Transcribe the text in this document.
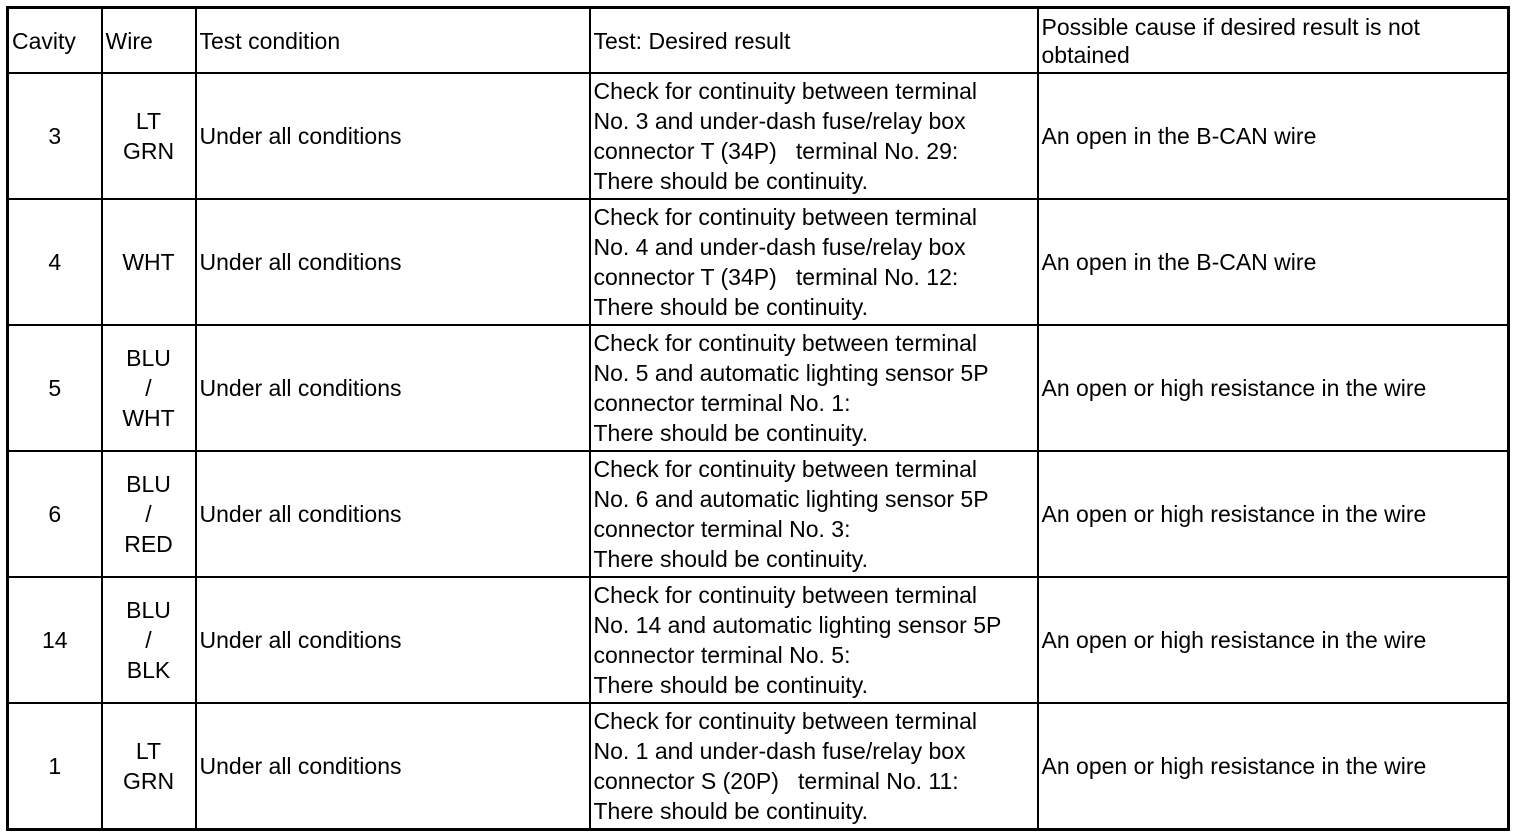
Cavity	Wire	Test condition	Test: Desired result	Possible cause if desired result is not obtained
3	LT
GRN	Under all conditions	Check for continuity between terminal
No. 3 and under-dash fuse/relay box
connector T (34P)   terminal No. 29:
There should be continuity.	An open in the B-CAN wire
4	WHT	Under all conditions	Check for continuity between terminal
No. 4 and under-dash fuse/relay box
connector T (34P)   terminal No. 12:
There should be continuity.	An open in the B-CAN wire
5	BLU
/
WHT	Under all conditions	Check for continuity between terminal
No. 5 and automatic lighting sensor 5P
connector terminal No. 1:
There should be continuity.	An open or high resistance in the wire
6	BLU
/
RED	Under all conditions	Check for continuity between terminal
No. 6 and automatic lighting sensor 5P
connector terminal No. 3:
There should be continuity.	An open or high resistance in the wire
14	BLU
/
BLK	Under all conditions	Check for continuity between terminal
No. 14 and automatic lighting sensor 5P
connector terminal No. 5:
There should be continuity.	An open or high resistance in the wire
1	LT
GRN	Under all conditions	Check for continuity between terminal
No. 1 and under-dash fuse/relay box
connector S (20P)   terminal No. 11:
There should be continuity.	An open or high resistance in the wire
